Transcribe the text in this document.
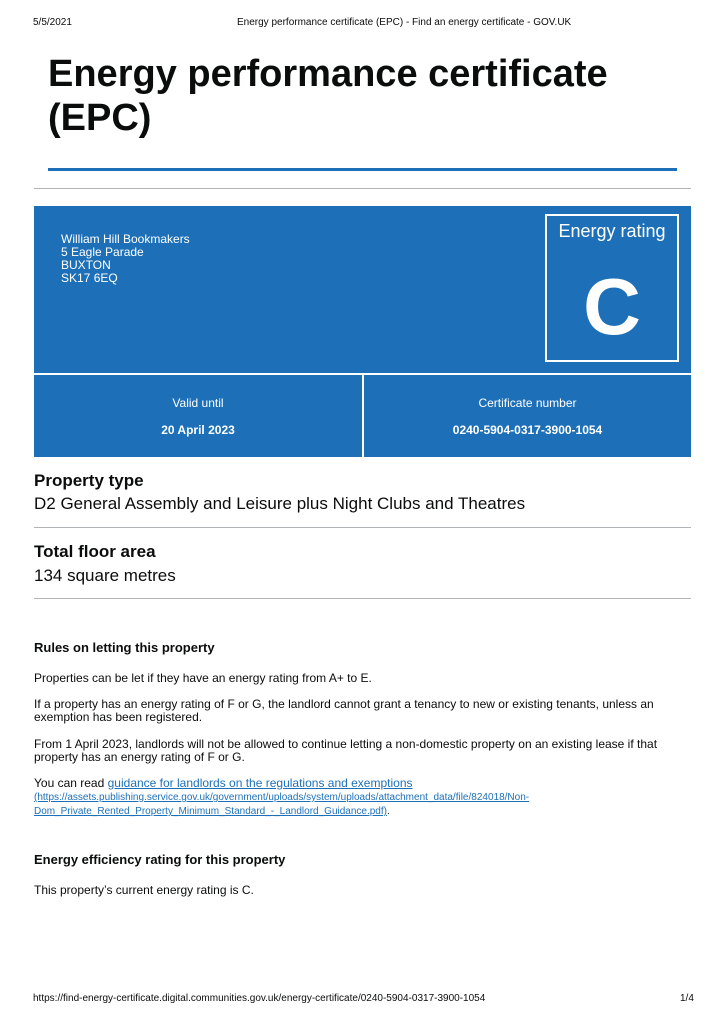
5/5/2021	Energy performance certificate (EPC) - Find an energy certificate - GOV.UK
Energy performance certificate
(EPC)
William Hill Bookmakers
5 Eagle Parade
BUXTON
SK17 6EQ
Energy rating
C
Valid until
20 April 2023
Certificate number
0240-5904-0317-3900-1054
Property type
D2 General Assembly and Leisure plus Night Clubs and Theatres
Total floor area
134 square metres
Rules on letting this property

Properties can be let if they have an energy rating from A+ to E.

If a property has an energy rating of F or G, the landlord cannot grant a tenancy to new or existing tenants, unless an exemption has been registered.

From 1 April 2023, landlords will not be allowed to continue letting a non-domestic property on an existing lease if that property has an energy rating of F or G.

You can read guidance for landlords on the regulations and exemptions
(https://assets.publishing.service.gov.uk/government/uploads/system/uploads/attachment_data/file/824018/Non-
Dom_Private_Rented_Property_Minimum_Standard_-_Landlord_Guidance.pdf).

Energy efficiency rating for this property

This property’s current energy rating is C.

https://find-energy-certificate.digital.communities.gov.uk/energy-certificate/0240-5904-0317-3900-1054	1/4
